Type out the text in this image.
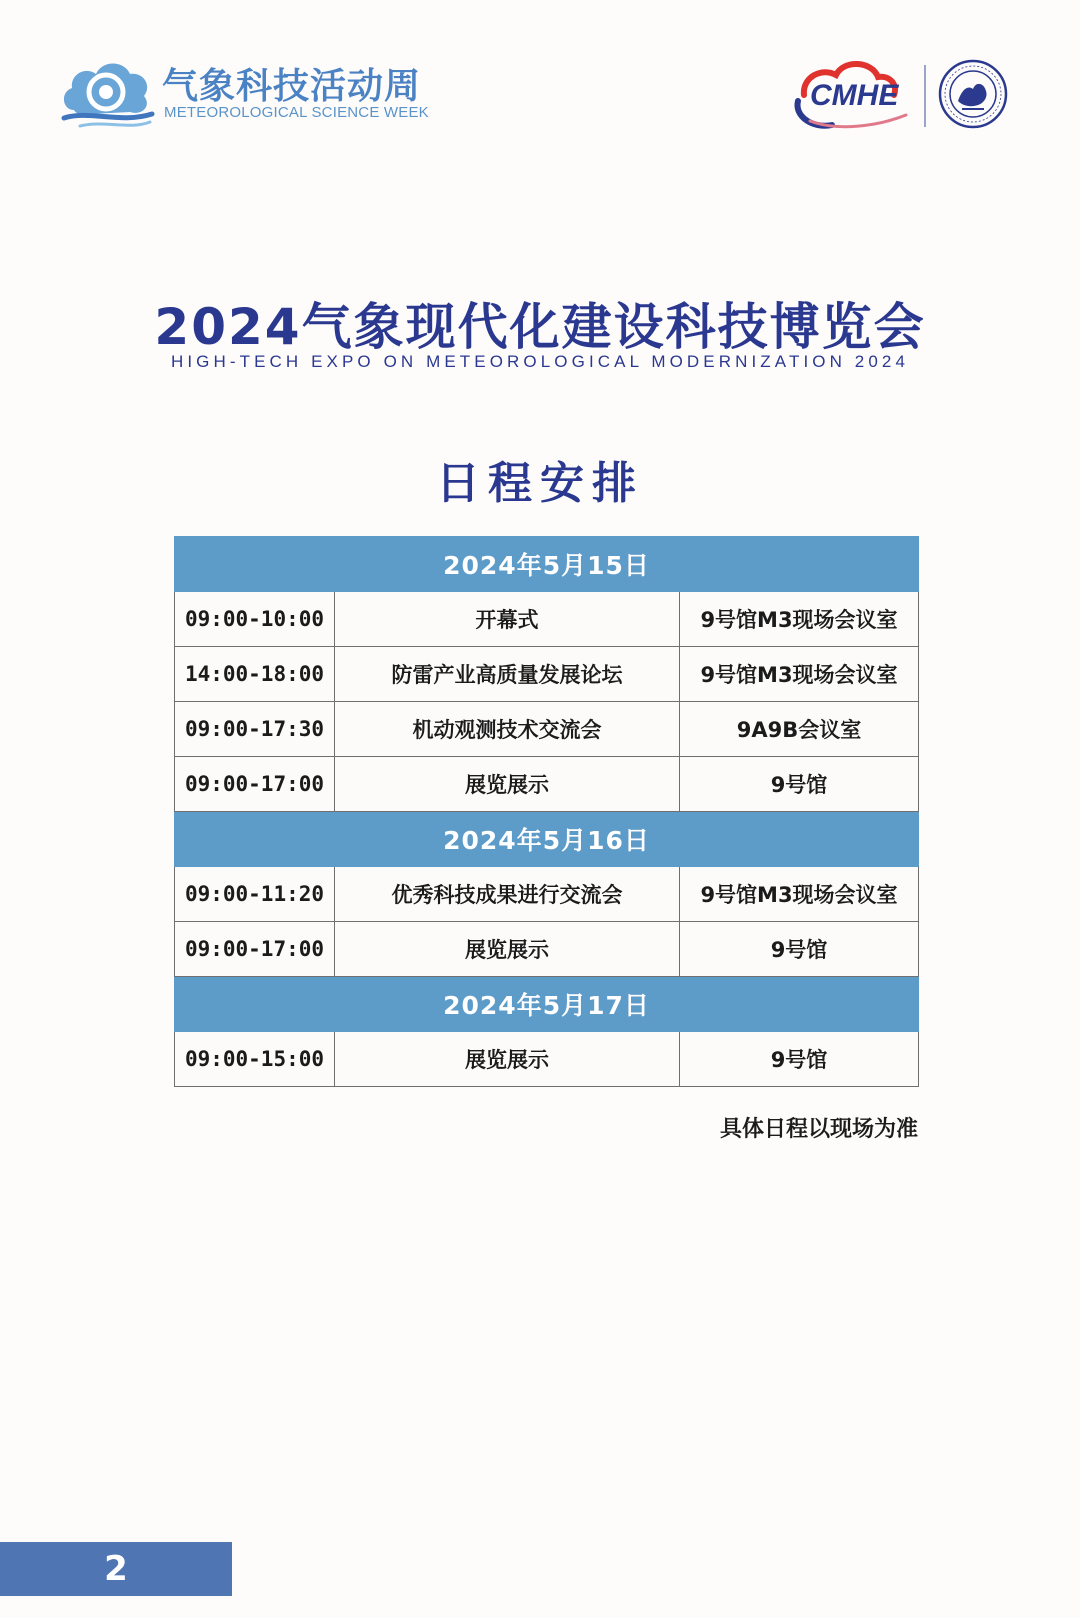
气象科技活动周
METEOROLOGICAL SCIENCE WEEK
CMHE
2024气象现代化建设科技博览会
HIGH-TECH EXPO ON METEOROLOGICAL MODERNIZATION 2024
日程安排
2024年5月15日		
09:00-10:00	开幕式	9号馆M3现场会议室
14:00-18:00	防雷产业高质量发展论坛	9号馆M3现场会议室
09:00-17:30	机动观测技术交流会	9A9B会议室
09:00-17:00	展览展示	9号馆
2024年5月16日		
09:00-11:20	优秀科技成果进行交流会	9号馆M3现场会议室
09:00-17:00	展览展示	9号馆
2024年5月17日		
09:00-15:00	展览展示	9号馆
具体日程以现场为准
2
